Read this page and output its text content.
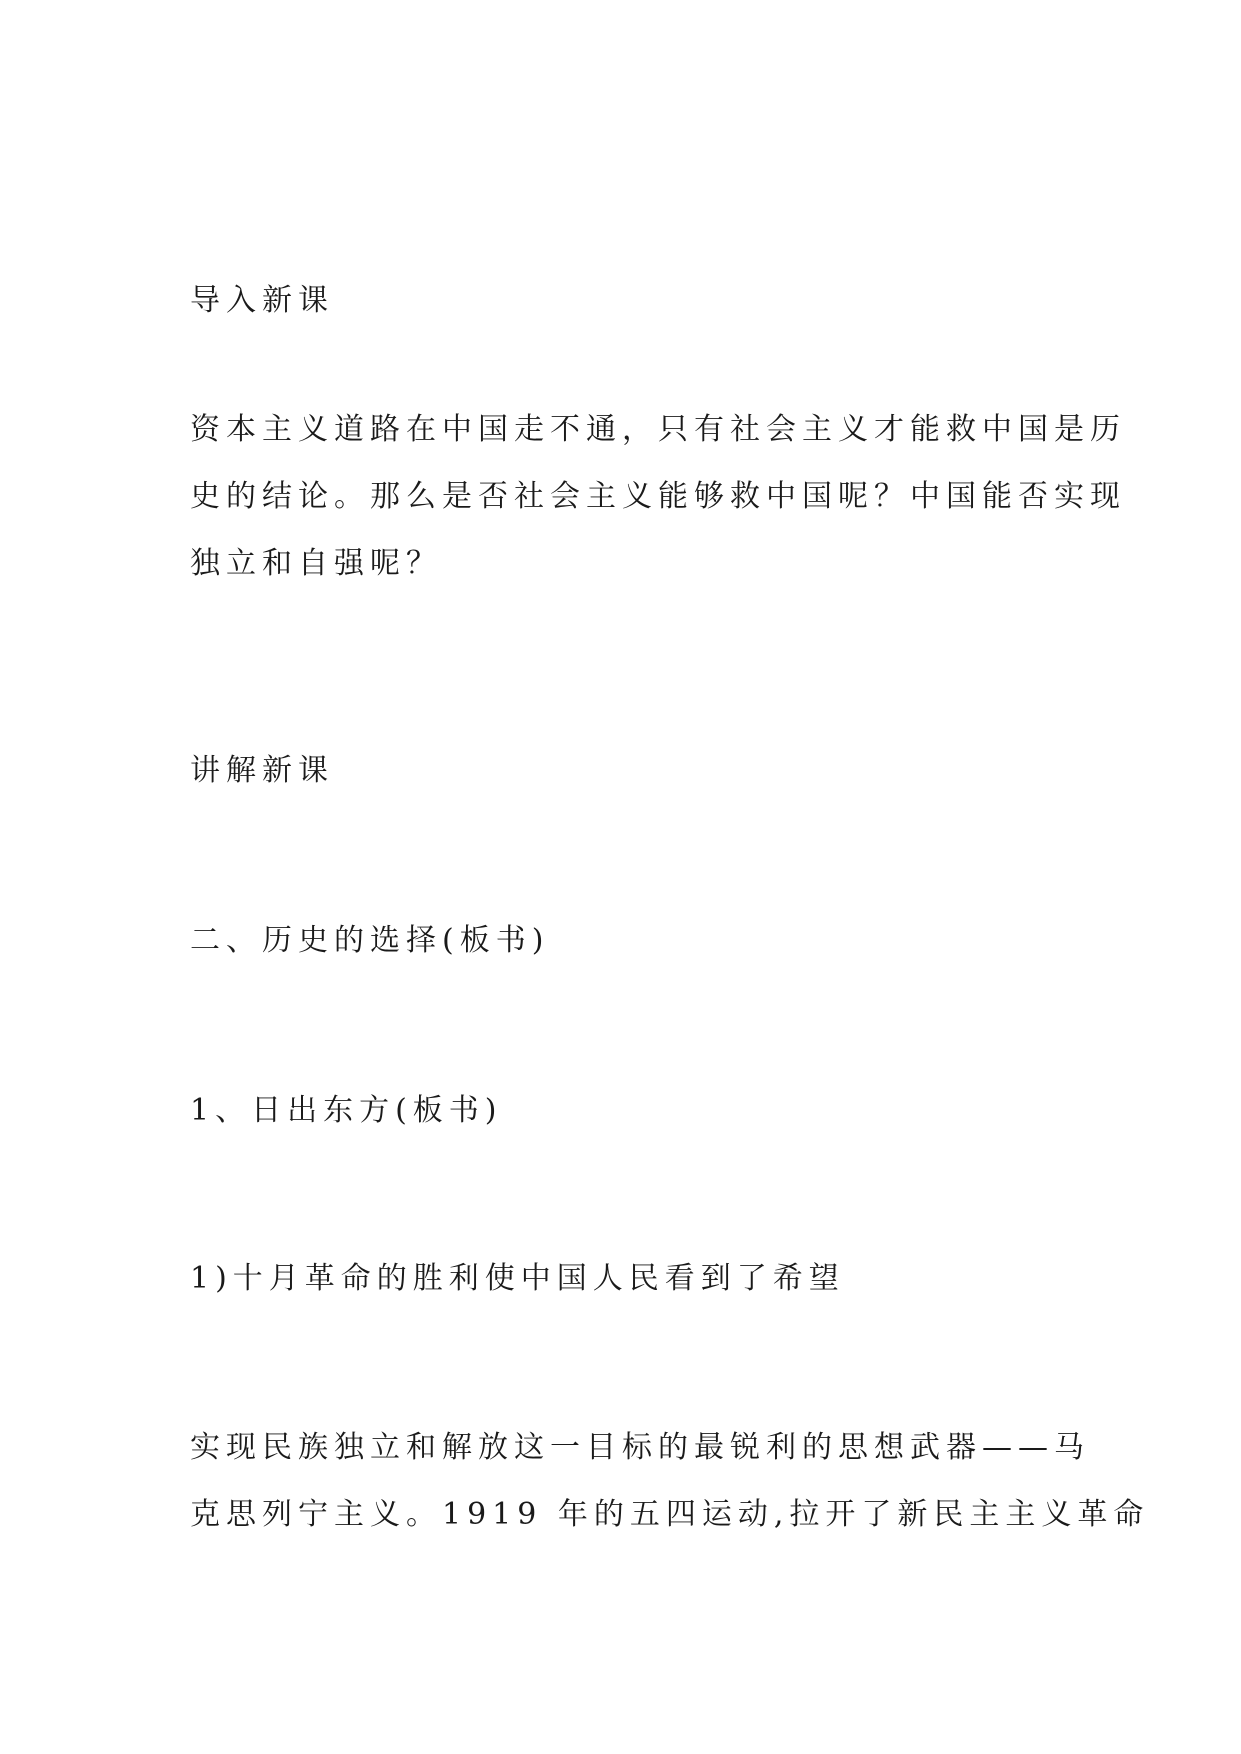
导入新课
资本主义道路在中国走不通，只有社会主义才能救中国是历
史的结论。那么是否社会主义能够救中国呢？中国能否实现
独立和自强呢？
讲解新课
二、历史的选择(板书)
1、日出东方(板书)
1)十月革命的胜利使中国人民看到了希望
实现民族独立和解放这一目标的最锐利的思想武器——马
克思列宁主义。1919 年的五四运动,拉开了新民主主义革命
